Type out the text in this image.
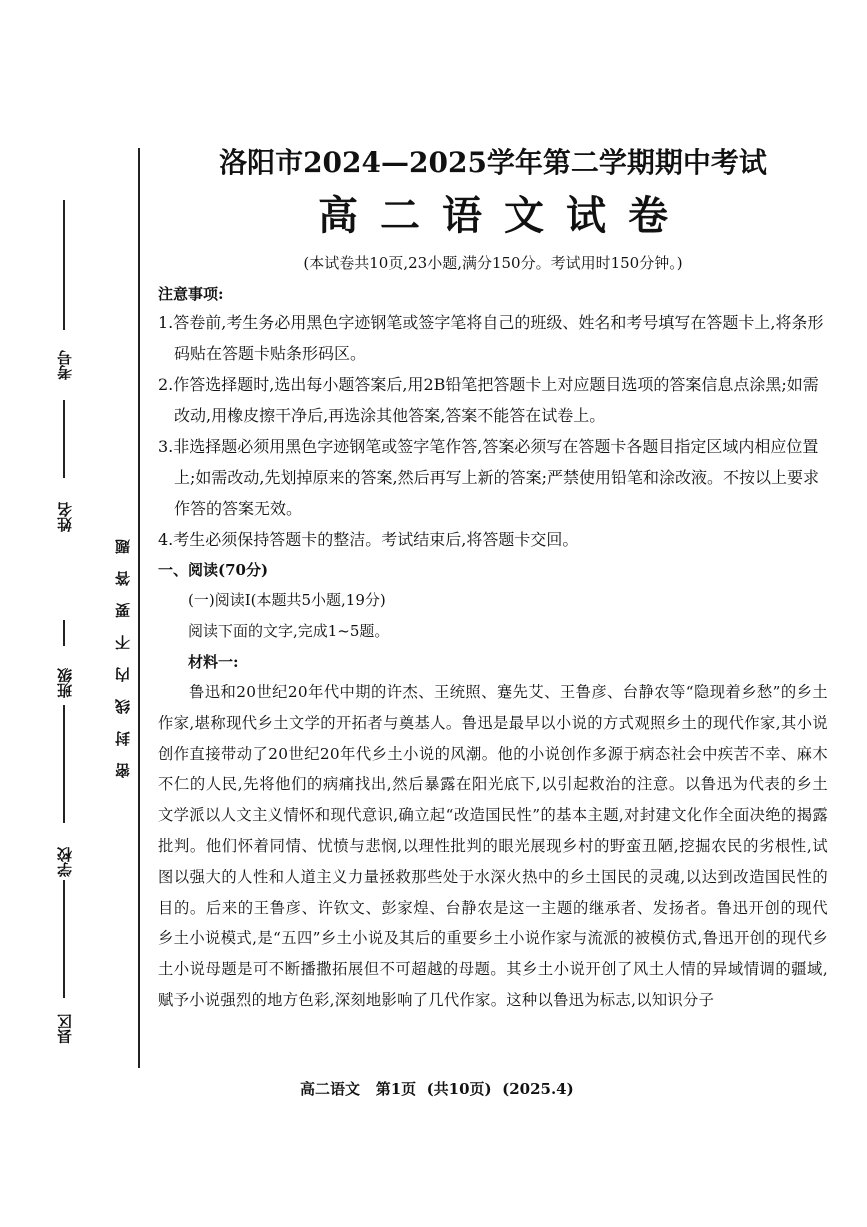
考号
姓名
班级
学校
县区
密封线内不要答题
洛阳市2024—2025学年第二学期期中考试
高二语文试卷
(本试卷共10页,23小题,满分150分。考试用时150分钟。)
注意事项:

1.答卷前,考生务必用黑色字迹钢笔或签字笔将自己的班级、姓名和考号填写在答题卡上,将条形码贴在答题卡贴条形码区。

2.作答选择题时,选出每小题答案后,用2B铅笔把答题卡上对应题目选项的答案信息点涂黑;如需改动,用橡皮擦干净后,再选涂其他答案,答案不能答在试卷上。

3.非选择题必须用黑色字迹钢笔或签字笔作答,答案必须写在答题卡各题目指定区域内相应位置上;如需改动,先划掉原来的答案,然后再写上新的答案;严禁使用铅笔和涂改液。不按以上要求作答的答案无效。

4.考生必须保持答题卡的整洁。考试结束后,将答题卡交回。

一、阅读(70分)
(一)阅读Ⅰ(本题共5小题,19分)
阅读下面的文字,完成1~5题。
材料一:

鲁迅和20世纪20年代中期的许杰、王统照、蹇先艾、王鲁彦、台静农等“隐现着乡愁”的乡土作家,堪称现代乡土文学的开拓者与奠基人。鲁迅是最早以小说的方式观照乡土的现代作家,其小说创作直接带动了20世纪20年代乡土小说的风潮。他的小说创作多源于病态社会中疾苦不幸、麻木不仁的人民,先将他们的病痛找出,然后暴露在阳光底下,以引起救治的注意。以鲁迅为代表的乡土文学派以人文主义情怀和现代意识,确立起“改造国民性”的基本主题,对封建文化作全面决绝的揭露批判。他们怀着同情、忧愤与悲悯,以理性批判的眼光展现乡村的野蛮丑陋,挖掘农民的劣根性,试图以强大的人性和人道主义力量拯救那些处于水深火热中的乡土国民的灵魂,以达到改造国民性的目的。后来的王鲁彦、许钦文、彭家煌、台静农是这一主题的继承者、发扬者。鲁迅开创的现代乡土小说模式,是“五四”乡土小说及其后的重要乡土小说作家与流派的被模仿式,鲁迅开创的现代乡土小说母题是可不断播撒拓展但不可超越的母题。其乡土小说开创了风土人情的异域情调的疆域,赋予小说强烈的地方色彩,深刻地影响了几代作家。这种以鲁迅为标志,以知识分子

高二语文 第1页 (共10页) (2025.4)
